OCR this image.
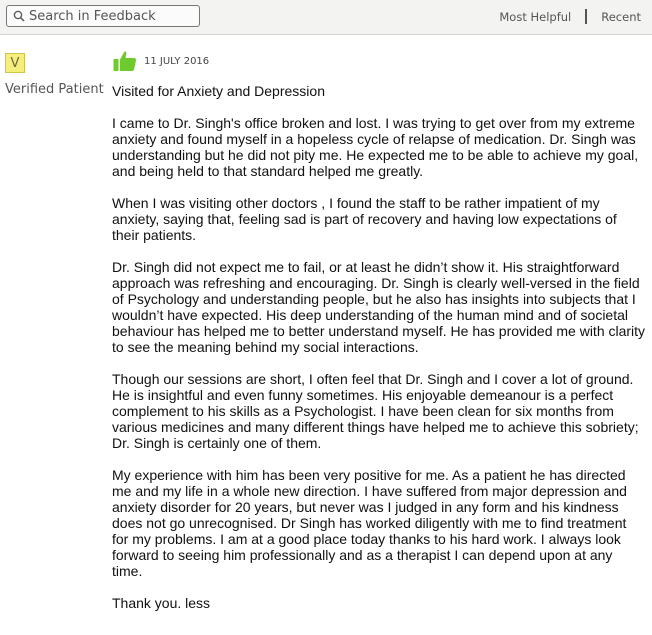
Search in Feedback
Most Helpful	Recent
V
Verified Patient
11 JULY 2016
Visited for Anxiety and Depression

I came to Dr. Singh's office broken and lost. I was trying to get over from my extreme anxiety and found myself in a hopeless cycle of relapse of medication. Dr. Singh was understanding but he did not pity me. He expected me to be able to achieve my goal, and being held to that standard helped me greatly.

When I was visiting other doctors , I found the staff to be rather impatient of my anxiety, saying that, feeling sad is part of recovery and having low expectations of their patients.

Dr. Singh did not expect me to fail, or at least he didn’t show it. His straightforward approach was refreshing and encouraging. Dr. Singh is clearly well-versed in the field of Psychology and understanding people, but he also has insights into subjects that I wouldn’t have expected. His deep understanding of the human mind and of societal behaviour has helped me to better understand myself. He has provided me with clarity to see the meaning behind my social interactions.

Though our sessions are short, I often feel that Dr. Singh and I cover a lot of ground. He is insightful and even funny sometimes. His enjoyable demeanour is a perfect complement to his skills as a Psychologist. I have been clean for six months from various medicines and many different things have helped me to achieve this sobriety; Dr. Singh is certainly one of them.

My experience with him has been very positive for me. As a patient he has directed me and my life in a whole new direction. I have suffered from major depression and anxiety disorder for 20 years, but never was I judged in any form and his kindness does not go unrecognised. Dr Singh has worked diligently with me to find treatment for my problems. I am at a good place today thanks to his hard work. I always look forward to seeing him professionally and as a therapist I can depend upon at any time.

Thank you. less
